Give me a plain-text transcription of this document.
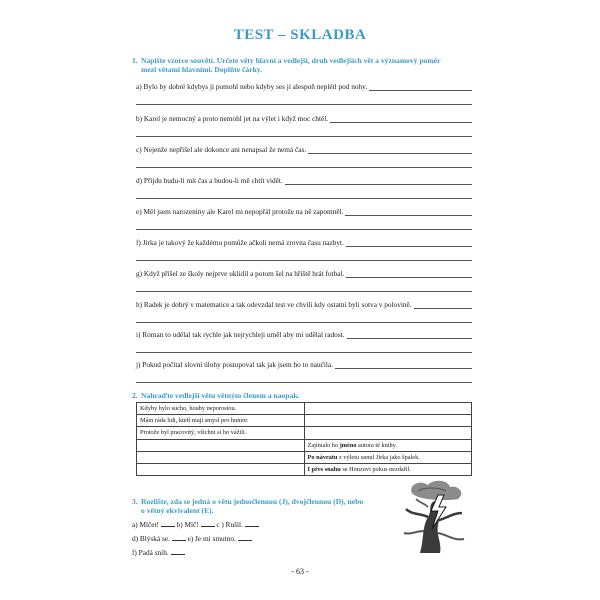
TEST – SKLADBA
1. Napište vzorce souvětí. Určete věty hlavní a vedlejší, druh vedlejších vět a významový poměr
mezi větami hlavními. Doplňte čárky.
a) Bylo by dobré kdybys ji pomohl nebo kdyby ses jí alespoň neplétl pod nohy.
b) Karel je nemocný a proto nemohl jet na výlet i když moc chtěl.
c) Nejenže nepřišel ale dokonce ani nenapsal že nemá čas.
d) Přijdu budu-li mít čas a budou-li mě chtít vidět.
e) Měl jsem narozeniny ale Karel mi nepopřál protože na ně zapomněl.
f) Jirka je takový že každému pomůže ačkoli nemá zrovna času nazbyt.
g) Když přišel ze školy nejprve uklidil a potom šel na hřiště hrát fotbal.
h) Radek je dobrý v matematice a tak odevzdal test ve chvíli kdy ostatní byli sotva v polovině.
i) Roman to udělal tak rychle jak nejrychleji uměl aby mi udělal radost.
j) Pokud počítal slovní úlohy postupoval tak jak jsem ho to naučila.
2. Nahraďte vedlejší větu větným členem a naopak.
Kdyby bylo sucho, houby neporostou.	
Mám ráda lidi, kteří mají smysl pro humor.	
Protože byl pracovitý, všichni si ho vážili.	
	Zajímalo ho jméno autora té knihy.
	Po návratu z výletu usnul Jirka jako špalek.
	I přes snahu se Honzovi pokus nezdařil.
3. Rozlište, zda se jedná o větu jednočlennou (J), dvojčlennou (D), nebo
o větný ekvivalent (E).
a) Mlčet! b) Mlč! c ) Rušil.
d) Blýská se. e) Je mi smutno.
f) Padá sníh.
- 63 -
